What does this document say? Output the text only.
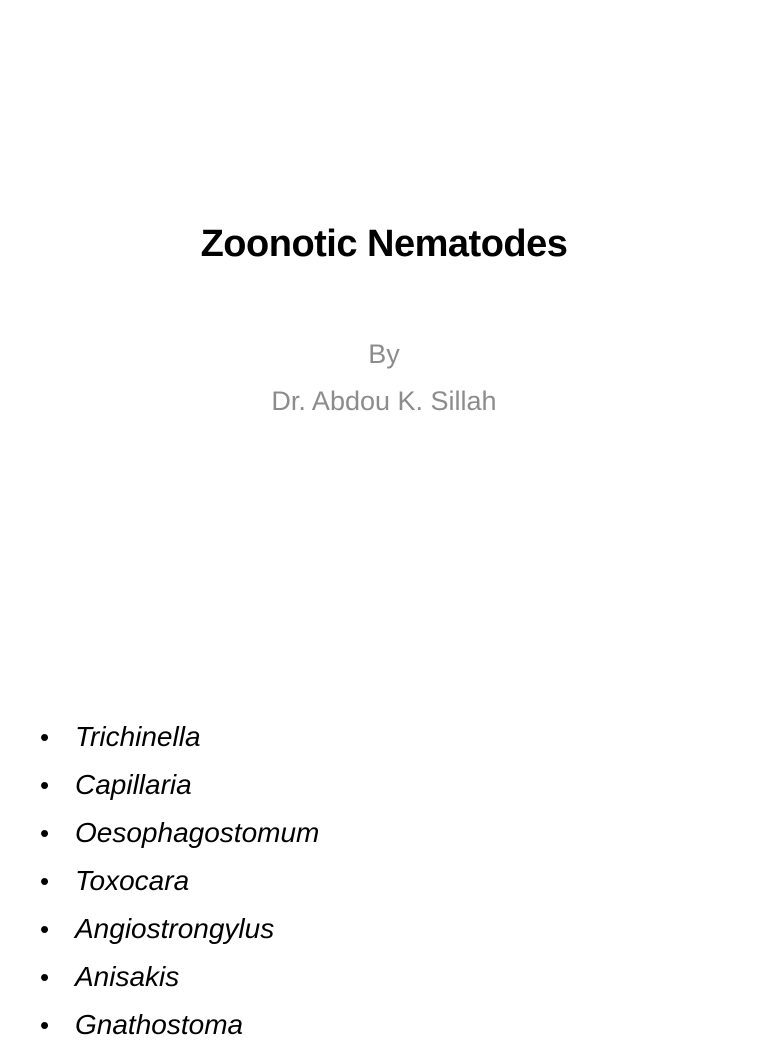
Zoonotic Nematodes
By
Dr. Abdou K. Sillah
• Trichinella
• Capillaria
• Oesophagostomum
• Toxocara
• Angiostrongylus
• Anisakis
• Gnathostoma
